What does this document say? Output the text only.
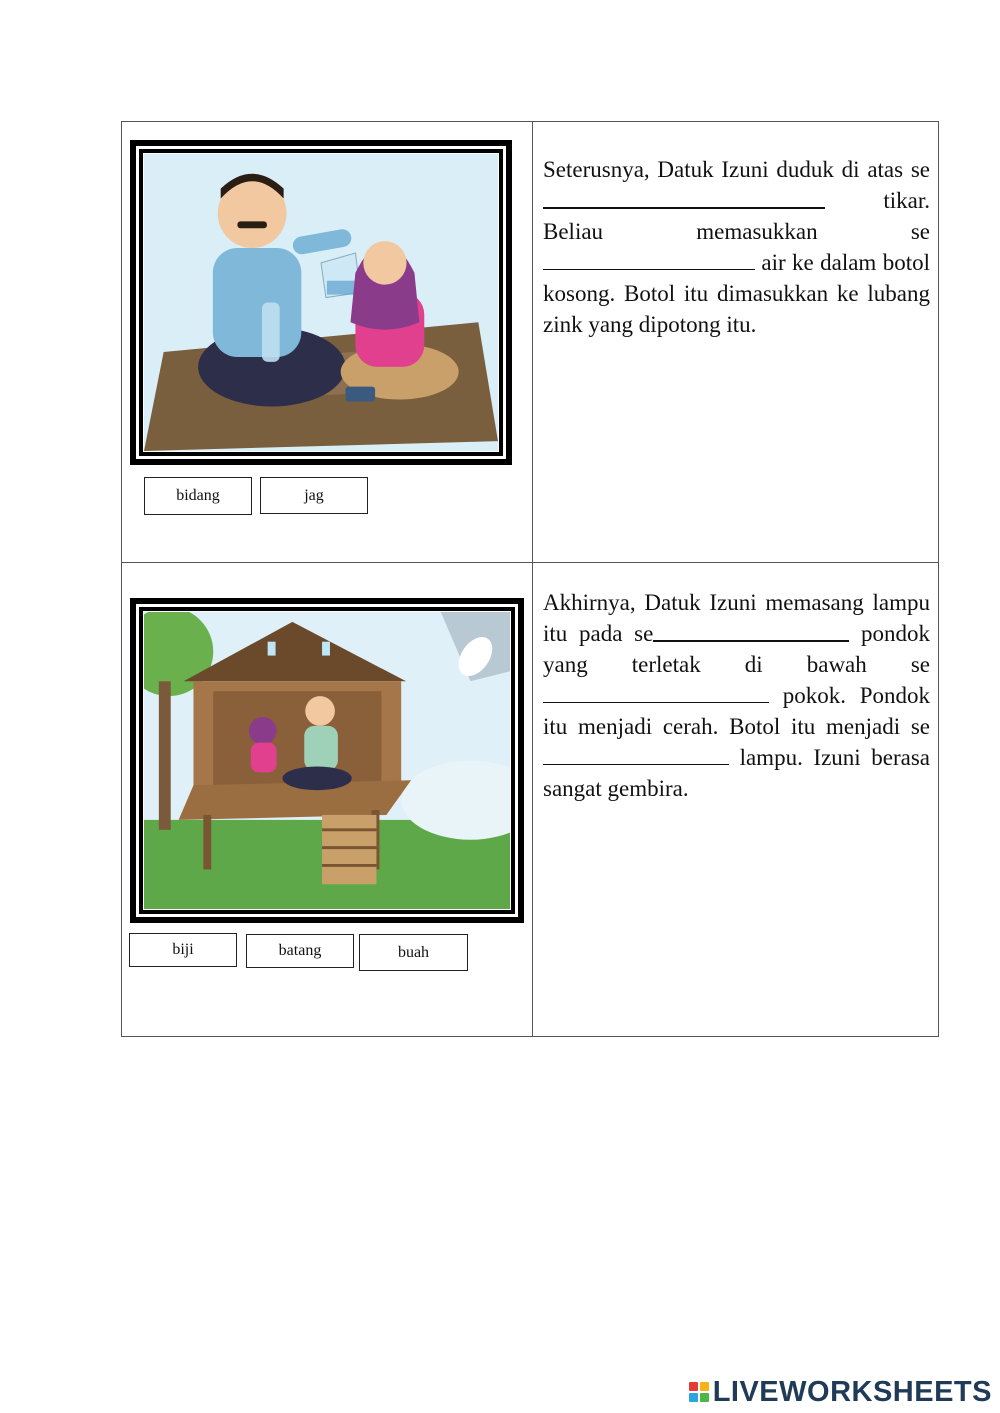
bidang	jag
Seterusnya, Datuk Izuni duduk di atas se tikar. Beliau memasukkan se air ke dalam botol kosong. Botol itu dimasukkan ke lubang zink yang dipotong itu.
biji	batang	buah
Akhirnya, Datuk Izuni memasang lampu itu pada se	pondok yang terletak di bawah se pokok. Pondok itu menjadi cerah. Botol itu menjadi se lampu. Izuni berasa sangat gembira.
LIVEWORKSHEETS
